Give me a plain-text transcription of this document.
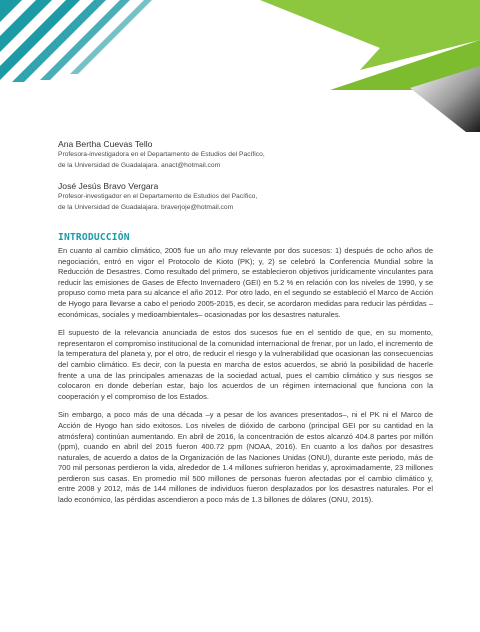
Ana Bertha Cuevas Tello
Profesora-investigadora en el Departamento de Estudios del Pacífico,
de la Universidad de Guadalajara. anact@hotmail.com
José Jesús Bravo Vergara
Profesor-investigador en el Departamento de Estudios del Pacífico,
de la Universidad de Guadalajara. braverjoje@hotmail.com
INTRODUCCIÓN

En cuanto al cambio climático, 2005 fue un año muy relevante por dos sucesos: 1) después de ocho años de negociación, entró en vigor el Protocolo de Kioto (PK); y, 2) se celebró la Conferencia Mundial sobre la Reducción de Desastres. Como resultado del primero, se establecieron objetivos jurídicamente vinculantes para reducir las emisiones de Gases de Efecto Invernadero (GEI) en 5.2 % en relación con los niveles de 1990, y se propuso como meta para su alcance el año 2012. Por otro lado, en el segundo se estableció el Marco de Acción de Hyogo para llevarse a cabo el periodo 2005-2015, es decir, se acordaron medidas para reducir las pérdidas –económicas, sociales y medioambientales– ocasionadas por los desastres naturales.

El supuesto de la relevancia anunciada de estos dos sucesos fue en el sentido de que, en su momento, representaron el compromiso institucional de la comunidad internacional de frenar, por un lado, el incremento de la temperatura del planeta y, por el otro, de reducir el riesgo y la vulnerabilidad que ocasionan las consecuencias del cambio climático. Es decir, con la puesta en marcha de estos acuerdos, se abrió la posibilidad de hacerle frente a una de las principales amenazas de la sociedad actual, pues el cambio climático y sus riesgos se colocaron en donde deberían estar, bajo los acuerdos de un régimen internacional que funciona con la cooperación y el compromiso de los Estados.

Sin embargo, a poco más de una década –y a pesar de los avances presentados–, ni el PK ni el Marco de Acción de Hyogo han sido exitosos. Los niveles de dióxido de carbono (principal GEI por su cantidad en la atmósfera) continúan aumentando. En abril de 2016, la concentración de estos alcanzó 404.8 partes por millón (ppm), cuando en abril del 2015 fueron 400.72 ppm (NOAA, 2016). En cuanto a los daños por desastres naturales, de acuerdo a datos de la Organización de las Naciones Unidas (ONU), durante este periodo, más de 700 mil personas perdieron la vida, alrededor de 1.4 millones sufrieron heridas y, aproximadamente, 23 millones perdieron sus casas. En promedio mil 500 millones de personas fueron afectadas por el cambio climático y, entre 2008 y 2012, más de 144 millones de individuos fueron desplazados por los desastres naturales. Por el lado económico, las pérdidas ascendieron a poco más de 1.3 billones de dólares (ONU, 2015).
